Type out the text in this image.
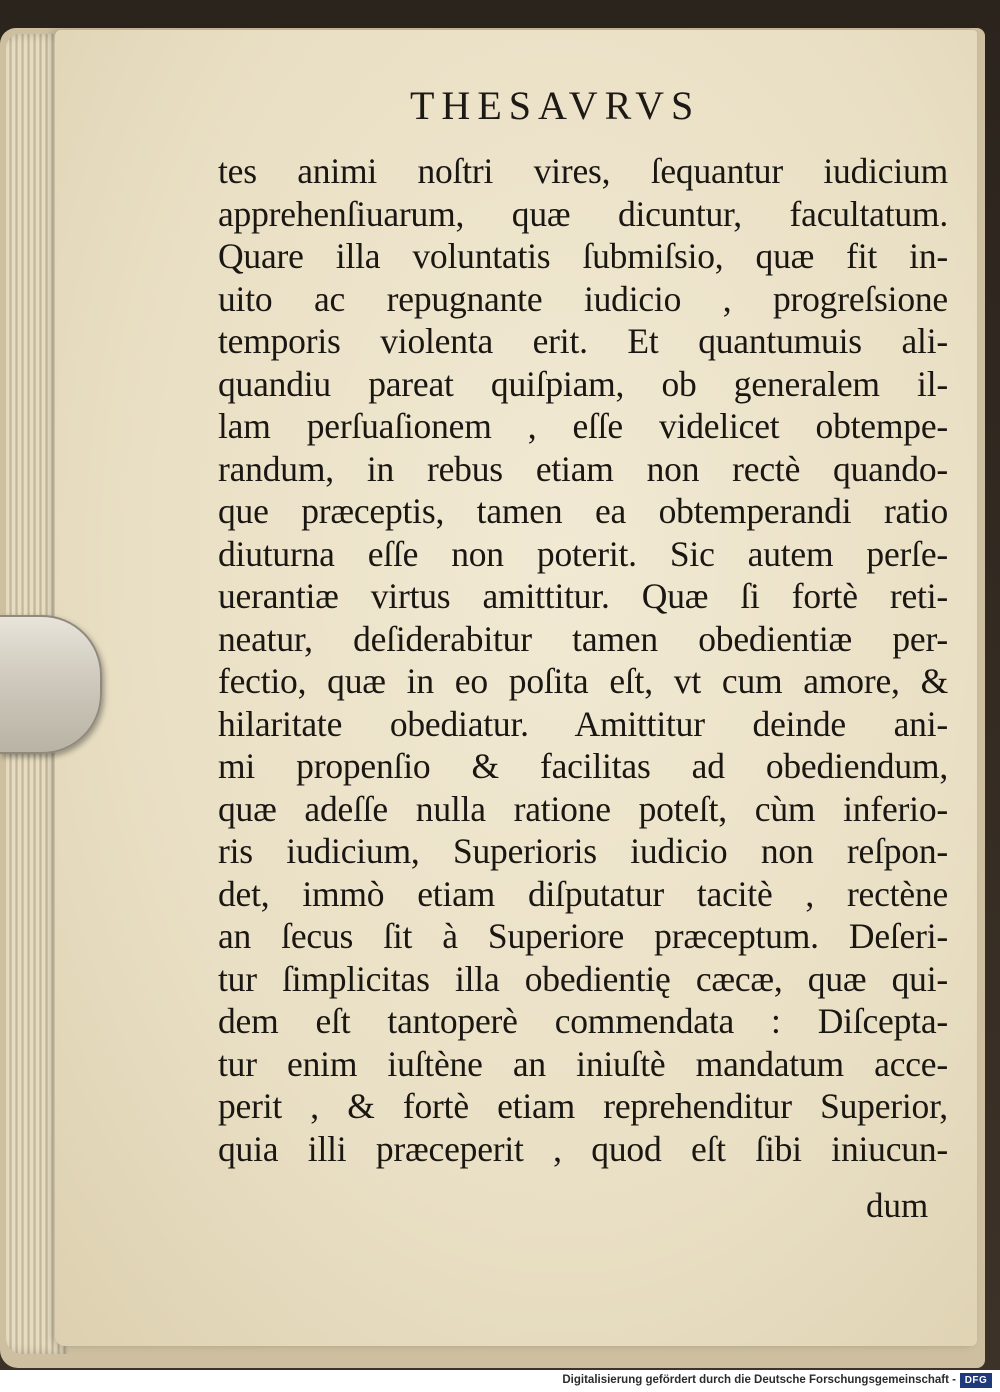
THESAVRVS
tes animi noſtri vires, ſequantur iudicium
apprehenſiuarum, quæ dicuntur, facultatum.
Quare illa voluntatis ſubmiſsio, quæ fit in-
uito ac repugnante iudicio , progreſsione
temporis violenta erit. Et quantumuis ali-
quandiu pareat quiſpiam, ob generalem il-
lam perſuaſionem , eſſe videlicet obtempe-
randum, in rebus etiam non rectè quando-
que præceptis, tamen ea obtemperandi ratio
diuturna eſſe non poterit. Sic autem perſe-
uerantiæ virtus amittitur. Quæ ſi fortè reti-
neatur, deſiderabitur tamen obedientiæ per-
fectio, quæ in eo poſita eſt, vt cum amore, &
hilaritate obediatur. Amittitur deinde ani-
mi propenſio & facilitas ad obediendum,
quæ adeſſe nulla ratione poteſt, cùm inferio-
ris iudicium, Superioris iudicio non reſpon-
det, immò etiam diſputatur tacitè , rectène
an ſecus ſit à Superiore præceptum. Deſeri-
tur ſimplicitas illa obedientię cæcæ, quæ qui-
dem eſt tantoperè commendata : Diſcepta-
tur enim iuſtène an iniuſtè mandatum acce-
perit , & fortè etiam reprehenditur Superior,
quia illi præceperit , quod eſt ſibi iniucun-
dum
Digitalisierung gefördert durch die Deutsche Forschungsgemeinschaft - DFG
